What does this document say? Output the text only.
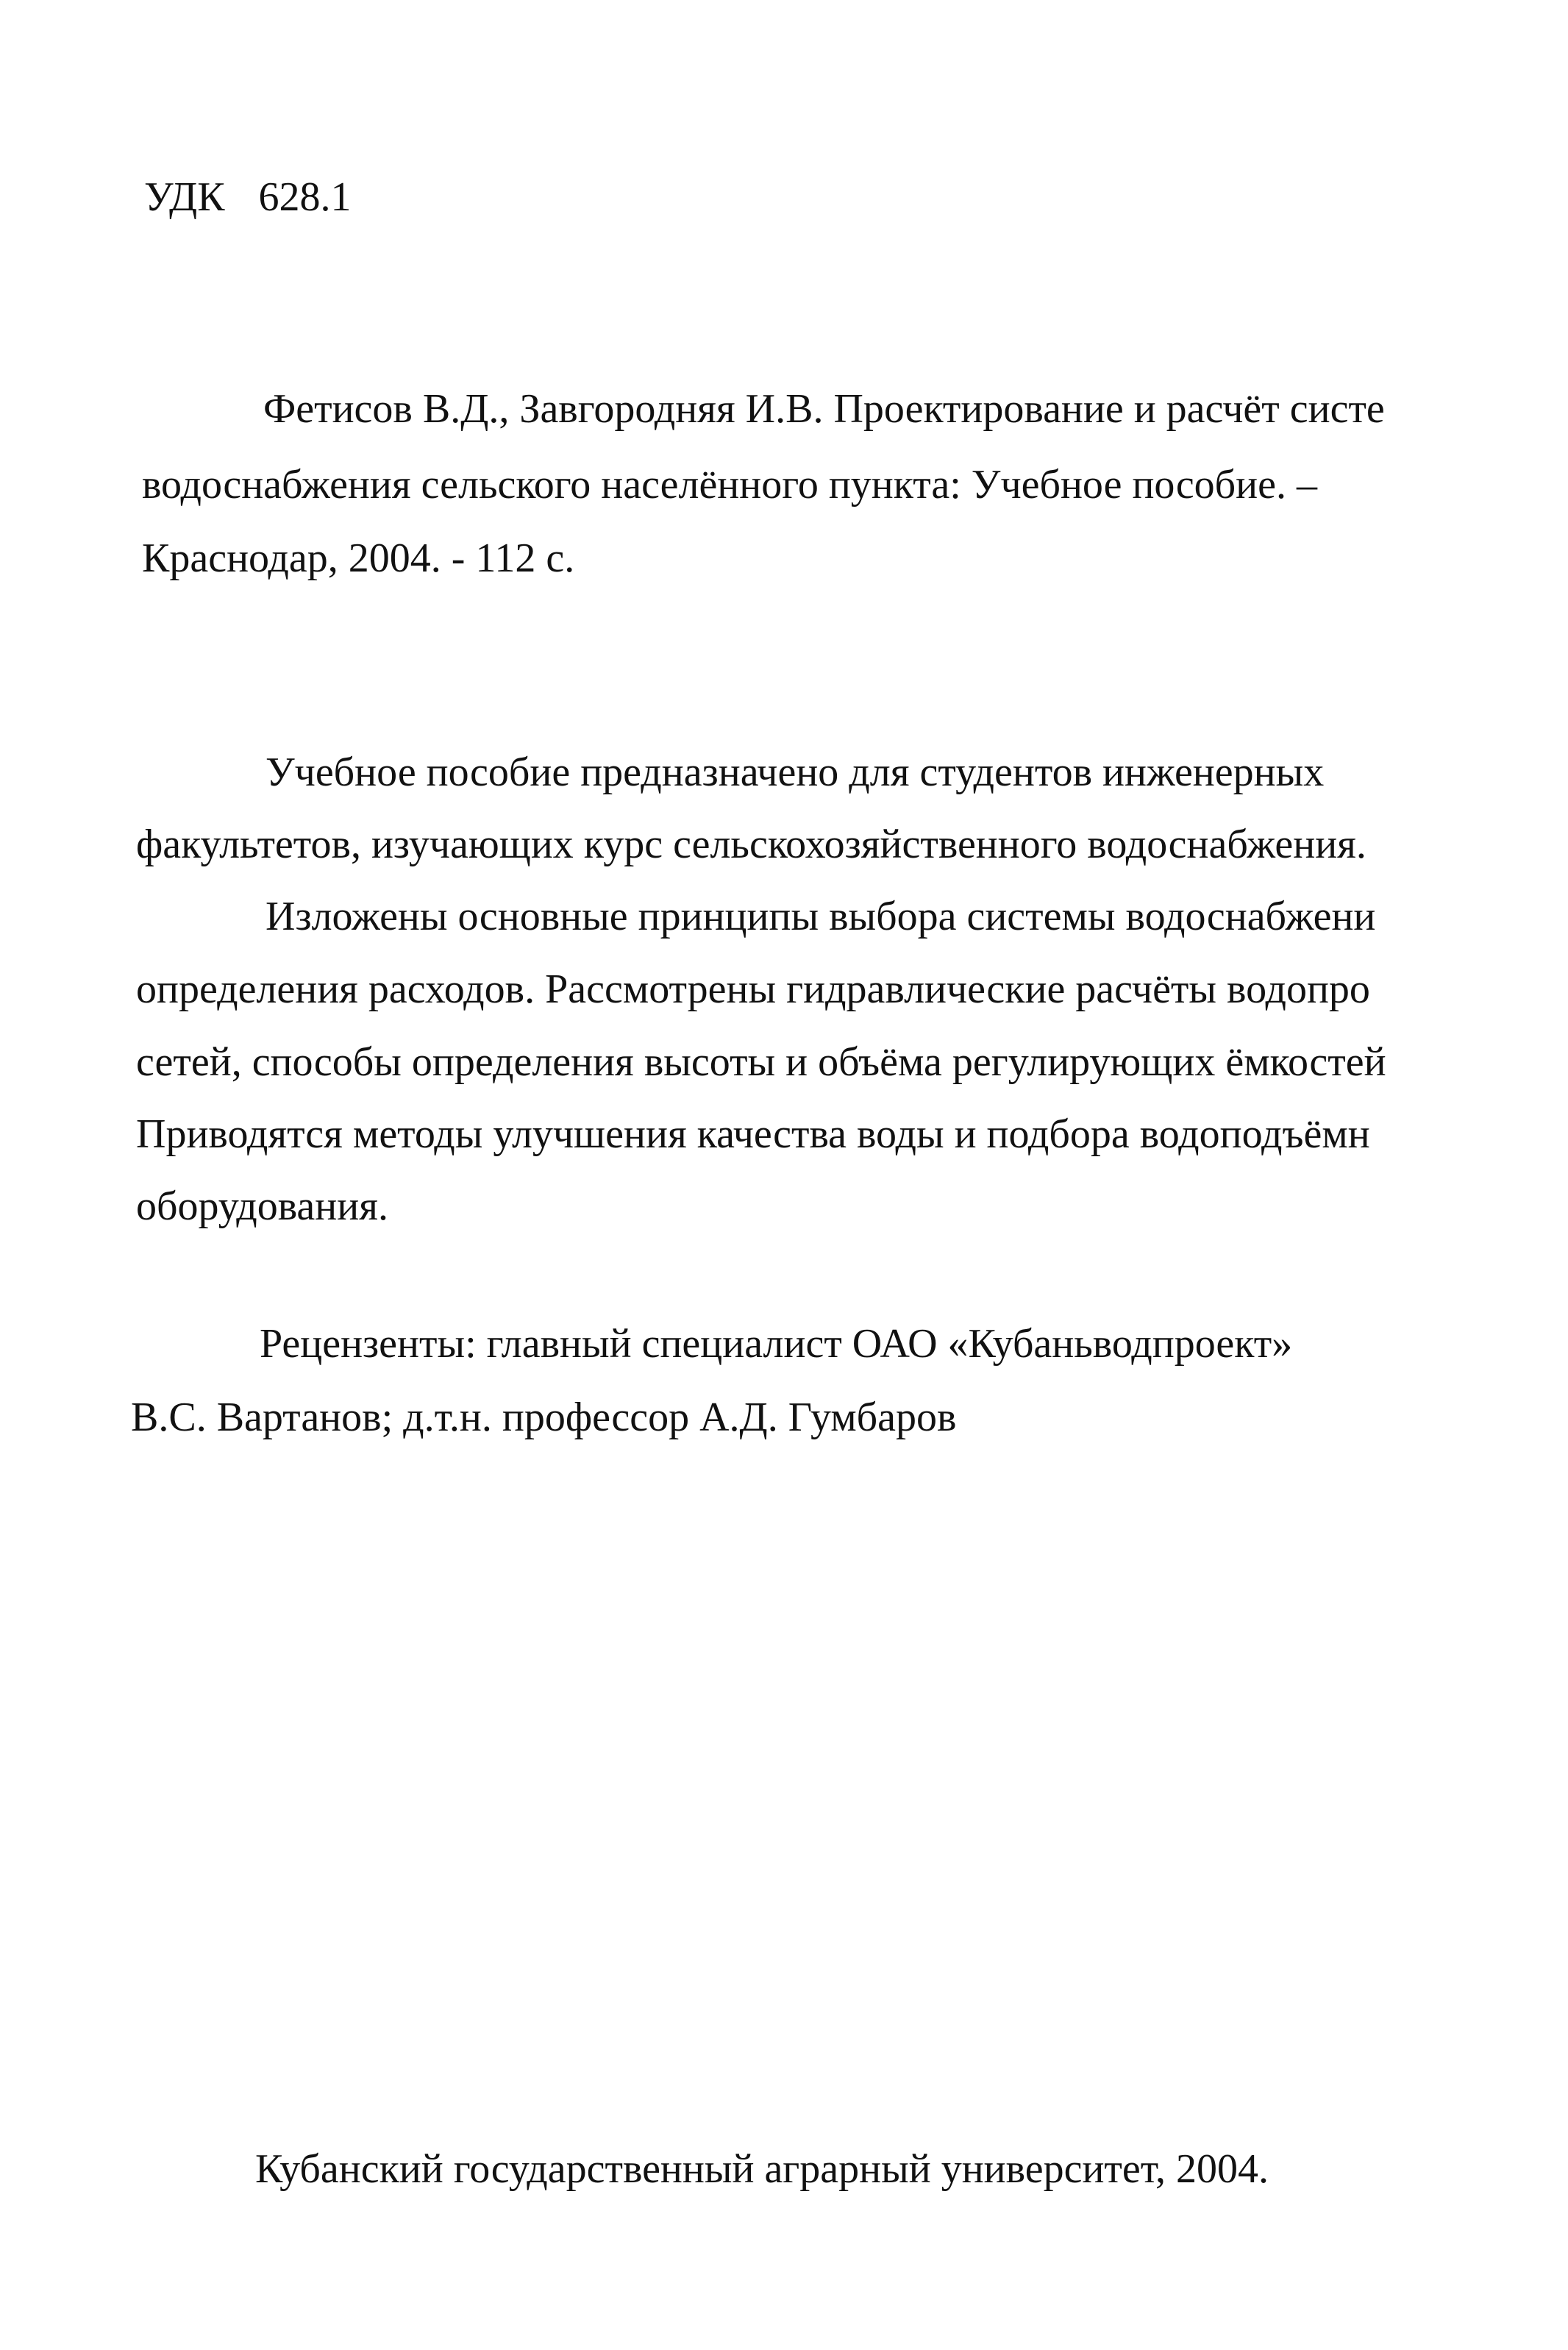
УДК 628.1

Фетисов В.Д., Завгородняя И.В. Проектирование и расчёт систе

водоснабжения сельского населённого пункта: Учебное пособие. –

Краснодар, 2004. - 112 с.

Учебное пособие предназначено для студентов инженерных

факультетов, изучающих курс сельскохозяйственного водоснабжения.

Изложены основные принципы выбора системы водоснабжени

определения расходов. Рассмотрены гидравлические расчёты водопро

сетей, способы определения высоты и объёма регулирующих ёмкостей

Приводятся методы улучшения качества воды и подбора водоподъёмн

оборудования.

Рецензенты: главный специалист ОАО «Кубаньводпроект»

В.С. Вартанов; д.т.н. профессор А.Д. Гумбаров

Кубанский государственный аграрный университет, 2004.
